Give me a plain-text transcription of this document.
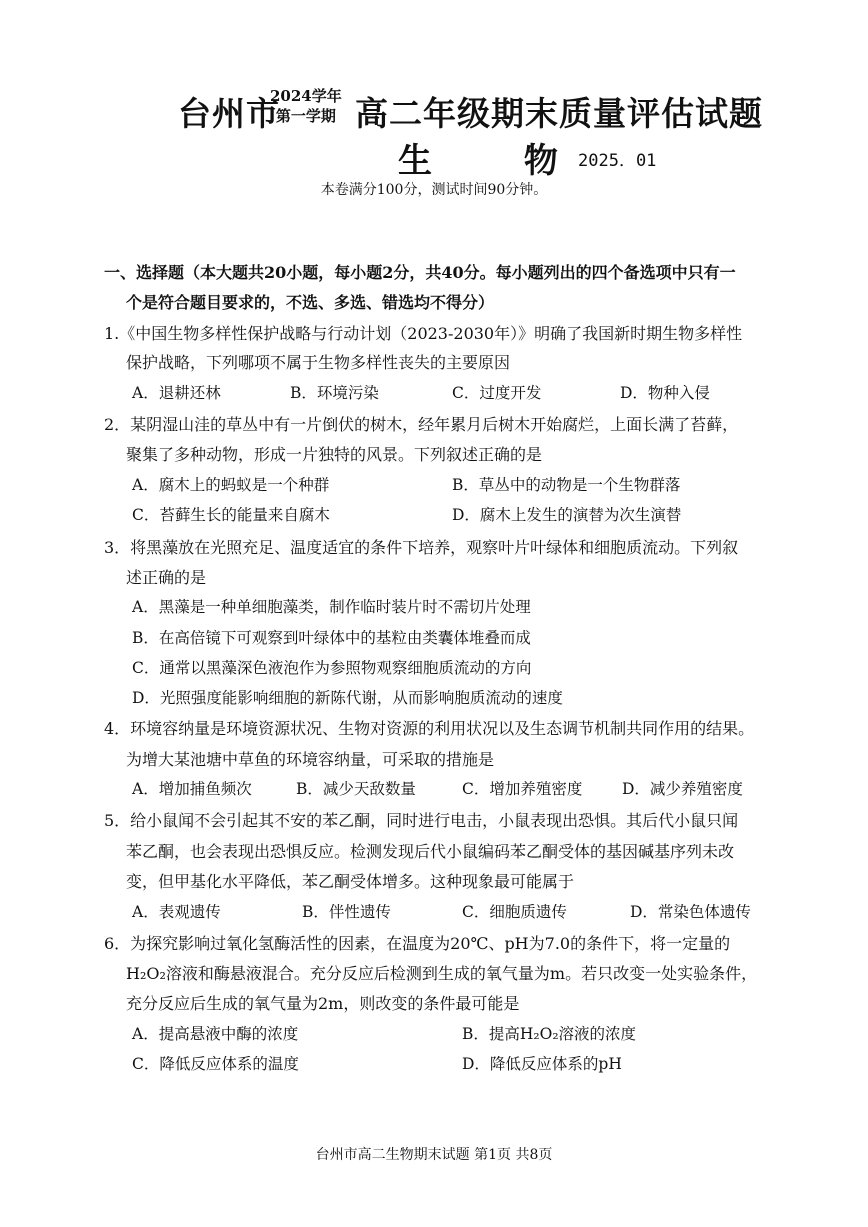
台州市
2024学年
第一学期 高二年级期末质量评估试题
生 物
2025．01
本卷满分100分，测试时间90分钟。
一、选择题（本大题共20小题，每小题2分，共40分。每小题列出的四个备选项中只有一
个是符合题目要求的，不选、多选、错选均不得分）
1.《中国生物多样性保护战略与行动计划（2023-2030年）》明确了我国新时期生物多样性
保护战略，下列哪项不属于生物多样性丧失的主要原因
A．退耕还林	B．环境污染	C．过度开发	D．物种入侵
2．某阴湿山洼的草丛中有一片倒伏的树木，经年累月后树木开始腐烂，上面长满了苔藓，
聚集了多种动物，形成一片独特的风景。下列叙述正确的是
A．腐木上的蚂蚁是一个种群	B．草丛中的动物是一个生物群落
C．苔藓生长的能量来自腐木	D．腐木上发生的演替为次生演替
3．将黑藻放在光照充足、温度适宜的条件下培养，观察叶片叶绿体和细胞质流动。下列叙
述正确的是
A．黑藻是一种单细胞藻类，制作临时装片时不需切片处理
B．在高倍镜下可观察到叶绿体中的基粒由类囊体堆叠而成
C．通常以黑藻深色液泡作为参照物观察细胞质流动的方向
D．光照强度能影响细胞的新陈代谢，从而影响胞质流动的速度
4．环境容纳量是环境资源状况、生物对资源的利用状况以及生态调节机制共同作用的结果。
为增大某池塘中草鱼的环境容纳量，可采取的措施是
A．增加捕鱼频次	B．减少天敌数量	C．增加养殖密度	D．减少养殖密度
5．给小鼠闻不会引起其不安的苯乙酮，同时进行电击，小鼠表现出恐惧。其后代小鼠只闻
苯乙酮，也会表现出恐惧反应。检测发现后代小鼠编码苯乙酮受体的基因碱基序列未改
变，但甲基化水平降低，苯乙酮受体增多。这种现象最可能属于
A．表观遗传	B．伴性遗传	C．细胞质遗传	D．常染色体遗传
6．为探究影响过氧化氢酶活性的因素，在温度为20℃、pH为7.0的条件下，将一定量的
H₂O₂溶液和酶悬液混合。充分反应后检测到生成的氧气量为m。若只改变一处实验条件，
充分反应后生成的氧气量为2m，则改变的条件最可能是
A．提高悬液中酶的浓度	B．提高H₂O₂溶液的浓度
C．降低反应体系的温度	D．降低反应体系的pH
台州市高二生物期末试题 第1页 共8页
